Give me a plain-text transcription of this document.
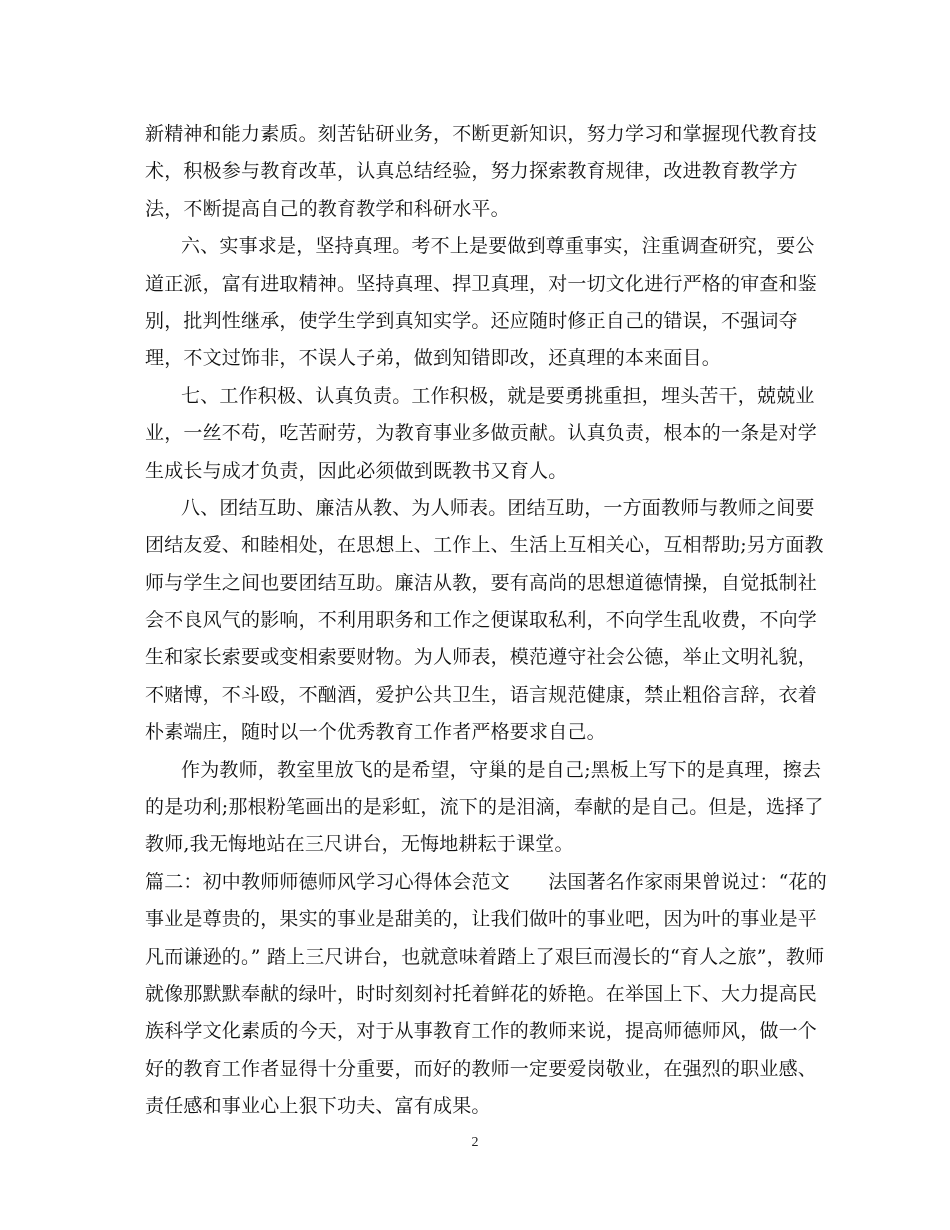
新精神和能力素质。刻苦钻研业务，不断更新知识，努力学习和掌握现代教育技
术，积极参与教育改革，认真总结经验，努力探索教育规律，改进教育教学方
法，不断提高自己的教育教学和科研水平。
六、实事求是，坚持真理。考不上是要做到尊重事实，注重调查研究，要公
道正派，富有进取精神。坚持真理、捍卫真理，对一切文化进行严格的审查和鉴
别，批判性继承，使学生学到真知实学。还应随时修正自己的错误，不强词夺
理，不文过饰非，不误人子弟，做到知错即改，还真理的本来面目。
七、工作积极、认真负责。工作积极，就是要勇挑重担，埋头苦干，兢兢业
业，一丝不苟，吃苦耐劳，为教育事业多做贡献。认真负责，根本的一条是对学
生成长与成才负责，因此必须做到既教书又育人。
八、团结互助、廉洁从教、为人师表。团结互助，一方面教师与教师之间要
团结友爱、和睦相处，在思想上、工作上、生活上互相关心，互相帮助;另方面教
师与学生之间也要团结互助。廉洁从教，要有高尚的思想道德情操，自觉抵制社
会不良风气的影响，不利用职务和工作之便谋取私利，不向学生乱收费，不向学
生和家长索要或变相索要财物。为人师表，模范遵守社会公德，举止文明礼貌，
不赌博，不斗殴，不酗酒，爱护公共卫生，语言规范健康，禁止粗俗言辞，衣着
朴素端庄，随时以一个优秀教育工作者严格要求自己。
作为教师，教室里放飞的是希望，守巢的是自己;黑板上写下的是真理，擦去
的是功利;那根粉笔画出的是彩虹，流下的是泪滴，奉献的是自己。但是，选择了
教师,我无悔地站在三尺讲台，无悔地耕耘于课堂。
篇二：初中教师师德师风学习心得体会范文　　法国著名作家雨果曾说过：“花的
事业是尊贵的，果实的事业是甜美的，让我们做叶的事业吧，因为叶的事业是平
凡而谦逊的。” 踏上三尺讲台，也就意味着踏上了艰巨而漫长的“育人之旅”，教师
就像那默默奉献的绿叶，时时刻刻衬托着鲜花的娇艳。在举国上下、大力提高民
族科学文化素质的今天，对于从事教育工作的教师来说，提高师德师风，做一个
好的教育工作者显得十分重要，而好的教师一定要爱岗敬业，在强烈的职业感、
责任感和事业心上狠下功夫、富有成果。
2
